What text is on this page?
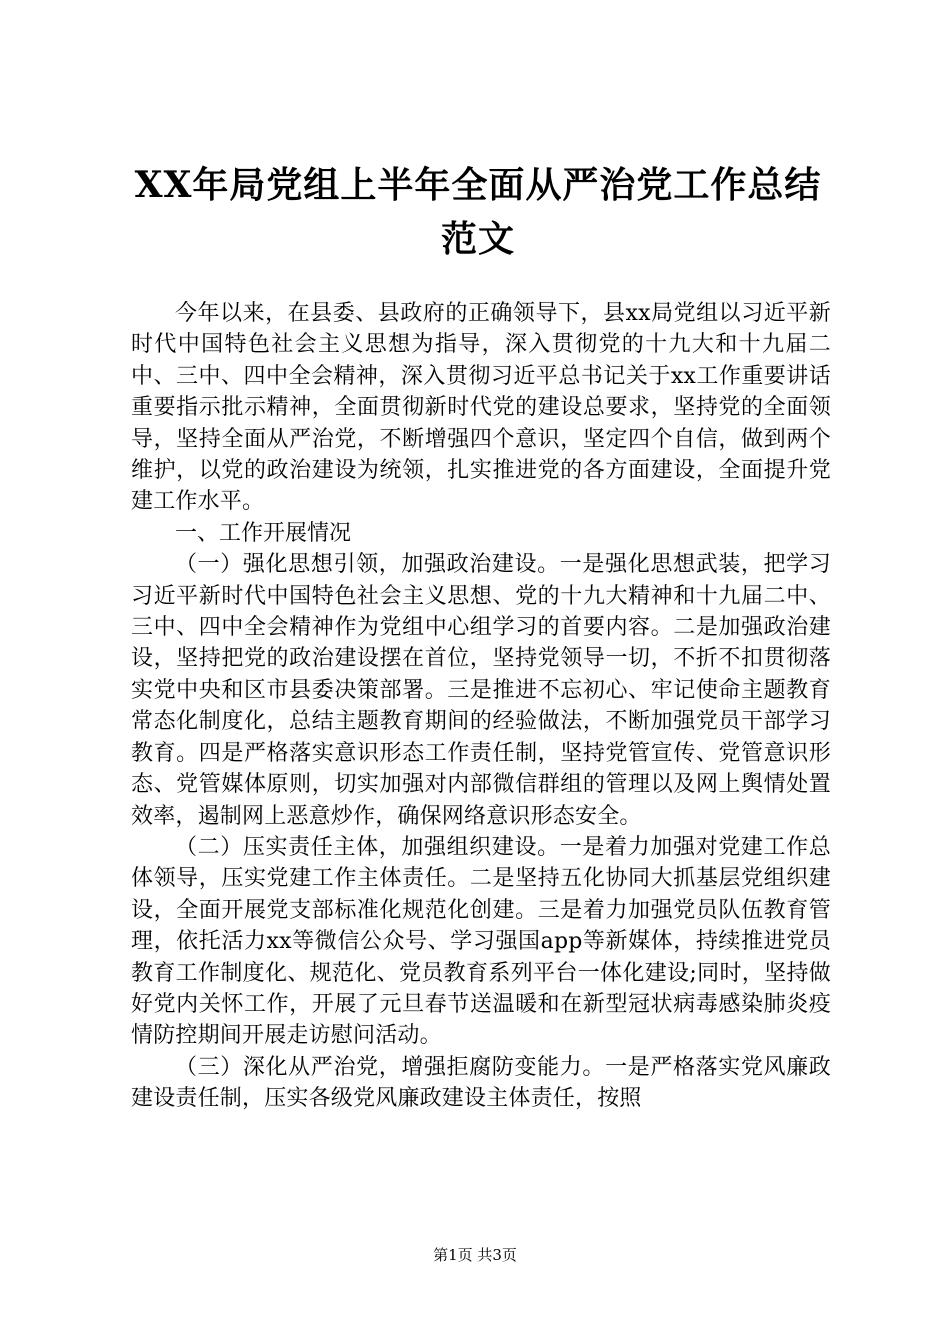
XX年局党组上半年全面从严治党工作总结范文

今年以来，在县委、县政府的正确领导下，县xx局党组以习近平新时代中国特色社会主义思想为指导，深入贯彻党的十九大和十九届二中、三中、四中全会精神，深入贯彻习近平总书记关于xx工作重要讲话重要指示批示精神，全面贯彻新时代党的建设总要求，坚持党的全面领导，坚持全面从严治党，不断增强四个意识，坚定四个自信，做到两个维护，以党的政治建设为统领，扎实推进党的各方面建设，全面提升党建工作水平。

一、工作开展情况

（一）强化思想引领，加强政治建设。一是强化思想武装，把学习习近平新时代中国特色社会主义思想、党的十九大精神和十九届二中、三中、四中全会精神作为党组中心组学习的首要内容。二是加强政治建设，坚持把党的政治建设摆在首位，坚持党领导一切，不折不扣贯彻落实党中央和区市县委决策部署。三是推进不忘初心、牢记使命主题教育常态化制度化，总结主题教育期间的经验做法，不断加强党员干部学习教育。四是严格落实意识形态工作责任制，坚持党管宣传、党管意识形态、党管媒体原则，切实加强对内部微信群组的管理以及网上舆情处置效率，遏制网上恶意炒作，确保网络意识形态安全。

（二）压实责任主体，加强组织建设。一是着力加强对党建工作总体领导，压实党建工作主体责任。二是坚持五化协同大抓基层党组织建设，全面开展党支部标准化规范化创建。三是着力加强党员队伍教育管理，依托活力xx等微信公众号、学习强国app等新媒体，持续推进党员教育工作制度化、规范化、党员教育系列平台一体化建设;同时，坚持做好党内关怀工作，开展了元旦春节送温暖和在新型冠状病毒感染肺炎疫情防控期间开展走访慰问活动。

（三）深化从严治党，增强拒腐防变能力。一是严格落实党风廉政建设责任制，压实各级党风廉政建设主体责任，按照

第1页 共3页
